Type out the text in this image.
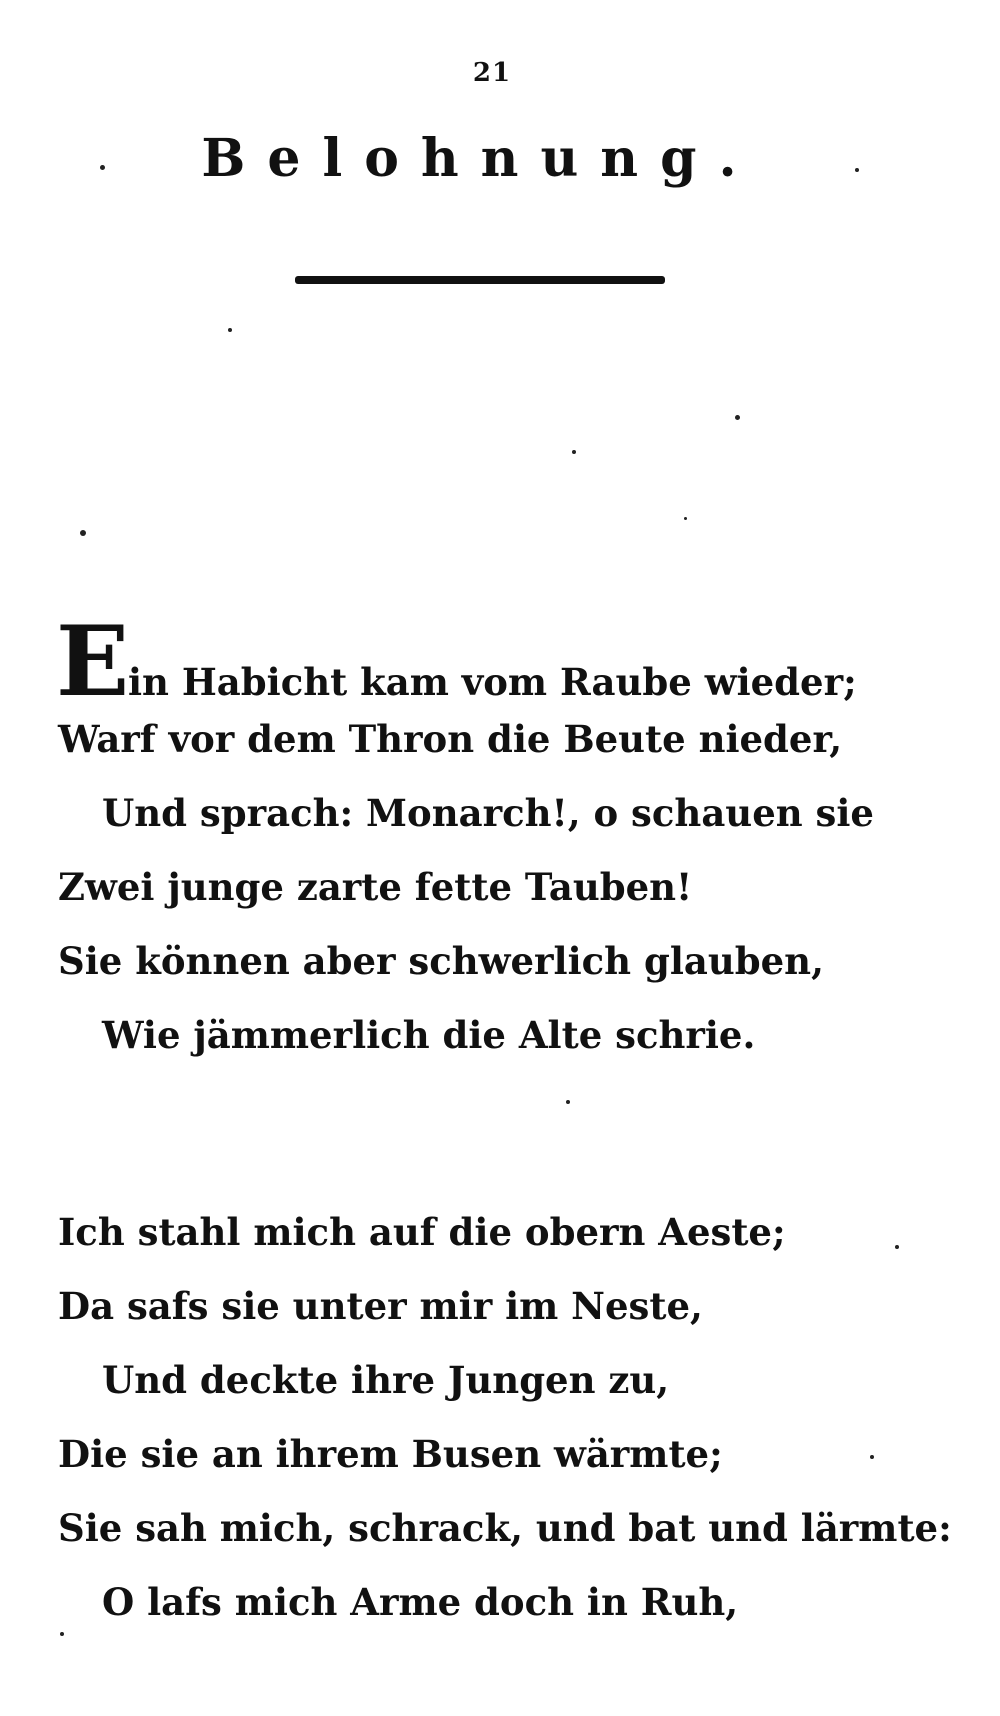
21
Belohnung.
E
in Habicht kam vom Raube wieder;
Warf vor dem Thron die Beute nieder,
Und sprach: Monarch!, o schauen sie
Zwei junge zarte fette Tauben!
Sie können aber schwerlich glauben,
Wie jämmerlich die Alte schrie.
Ich stahl mich auf die obern Aeste;
Da safs sie unter mir im Neste,
Und deckte ihre Jungen zu,
Die sie an ihrem Busen wärmte;
Sie sah mich, schrack, und bat und lärmte:
O lafs mich Arme doch in Ruh,
